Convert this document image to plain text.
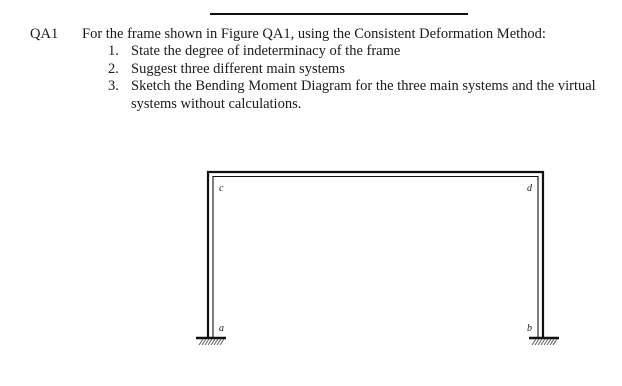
QA1 For the frame shown in Figure QA1, using the Consistent Deformation Method:
1. State the degree of indeterminacy of the frame
2. Suggest three different main systems
3. Sketch the Bending Moment Diagram for the three main systems and the virtual systems without calculations.
c	d
a	b
